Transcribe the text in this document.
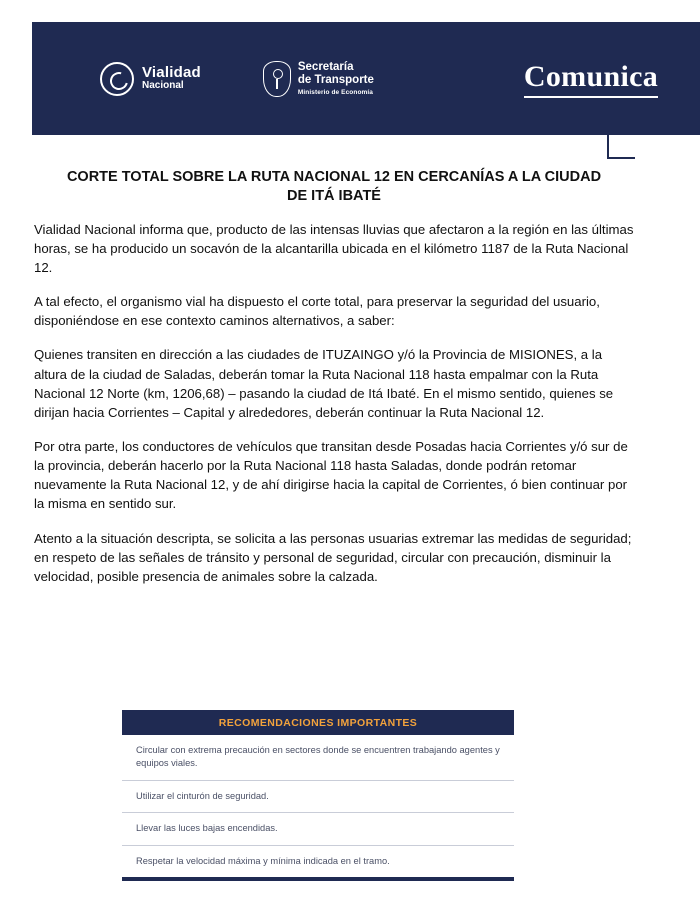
Vialidad
Nacional
Secretaría
de Transporte
Ministerio de Economía	Comunica
CORTE TOTAL SOBRE LA RUTA NACIONAL 12 EN CERCANÍAS A LA CIUDAD DE ITÁ IBATÉ

Vialidad Nacional informa que, producto de las intensas lluvias que afectaron a la región en las últimas horas, se ha producido un socavón de la alcantarilla ubicada en el kilómetro 1187 de la Ruta Nacional 12.

A tal efecto, el organismo vial ha dispuesto el corte total, para preservar la seguridad del usuario, disponiéndose en ese contexto caminos alternativos, a saber:

Quienes transiten en dirección a las ciudades de ITUZAINGO y/ó la Provincia de MISIONES, a la altura de la ciudad de Saladas, deberán tomar la Ruta Nacional 118 hasta empalmar con la Ruta Nacional 12 Norte (km, 1206,68) – pasando la ciudad de Itá Ibaté. En el mismo sentido, quienes se dirijan hacia Corrientes – Capital y alrededores, deberán continuar la Ruta Nacional 12.

Por otra parte, los conductores de vehículos que transitan desde Posadas hacia Corrientes y/ó sur de la provincia, deberán hacerlo por la Ruta Nacional 118 hasta Saladas, donde podrán retomar nuevamente la Ruta Nacional 12, y de ahí dirigirse hacia la capital de Corrientes, ó bien continuar por la misma en sentido sur.

Atento a la situación descripta, se solicita a las personas usuarias extremar las medidas de seguridad; en respeto de las señales de tránsito y personal de seguridad, circular con precaución, disminuir la velocidad, posible presencia de animales sobre la calzada.

RECOMENDACIONES IMPORTANTES
Circular con extrema precaución en sectores donde se encuentren trabajando agentes y equipos viales.
Utilizar el cinturón de seguridad.
Llevar las luces bajas encendidas.
Respetar la velocidad máxima y mínima indicada en el tramo.
